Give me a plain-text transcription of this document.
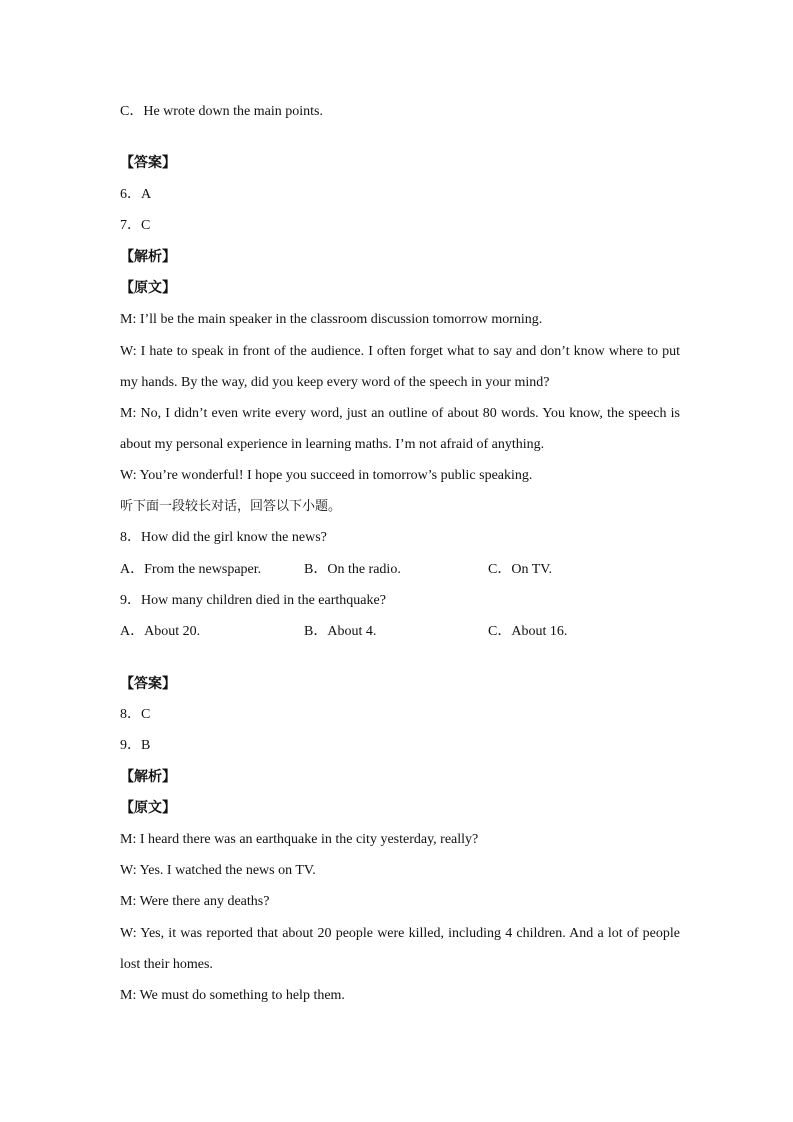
C．He wrote down the main points.
【答案】
6．A
7．C
【解析】
【原文】
M: I’ll be the main speaker in the classroom discussion tomorrow morning.
W: I hate to speak in front of the audience. I often forget what to say and don’t know where to put my hands. By the way, did you keep every word of the speech in your mind?
M: No, I didn’t even write every word, just an outline of about 80 words. You know, the speech is about my personal experience in learning maths. I’m not afraid of anything.
W: You’re wonderful! I hope you succeed in tomorrow’s public speaking.
听下面一段较长对话，回答以下小题。
8．How did the girl know the news?
A．From the newspaper.	B．On the radio.	C．On TV.
9．How many children died in the earthquake?
A．About 20.	B．About 4.	C．About 16.
【答案】
8．C
9．B
【解析】
【原文】
M: I heard there was an earthquake in the city yesterday, really?
W: Yes. I watched the news on TV.
M: Were there any deaths?
W: Yes, it was reported that about 20 people were killed, including 4 children. And a lot of people lost their homes.
M: We must do something to help them.
